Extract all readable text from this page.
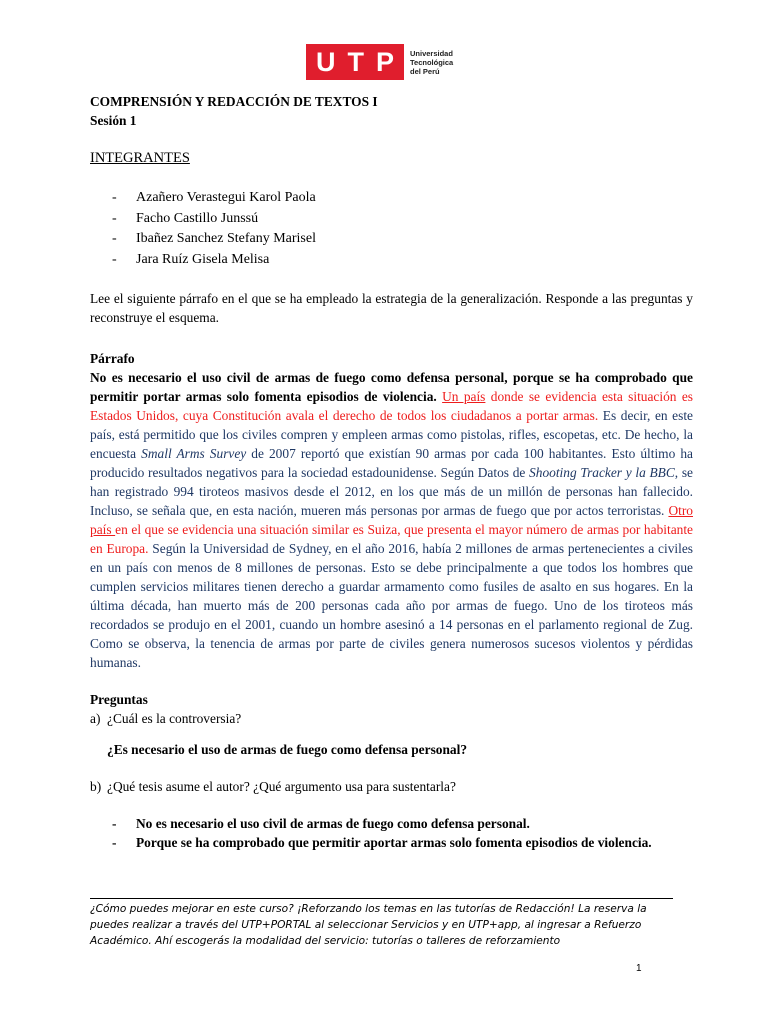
U T P Universidad
Tecnológica
del Perú

COMPRENSIÓN Y REDACCIÓN DE TEXTOS I

Sesión 1

INTEGRANTES
-	Azañero Verastegui Karol Paola
-	Facho Castillo Junssú
-	Ibañez Sanchez Stefany Marisel
-	Jara Ruíz Gisela Melisa
Lee el siguiente párrafo en el que se ha empleado la estrategia de la generalización. Responde a las preguntas y reconstruye el esquema.
Párrafo
No es necesario el uso civil de armas de fuego como defensa personal, porque se ha comprobado que permitir portar armas solo fomenta episodios de violencia. Un país donde se evidencia esta situación es Estados Unidos, cuya Constitución avala el derecho de todos los ciudadanos a portar armas. Es decir, en este país, está permitido que los civiles compren y empleen armas como pistolas, rifles, escopetas, etc. De hecho, la encuesta Small Arms Survey de 2007 reportó que existían 90 armas por cada 100 habitantes. Esto último ha producido resultados negativos para la sociedad estadounidense. Según Datos de Shooting Tracker y la BBC, se han registrado 994 tiroteos masivos desde el 2012, en los que más de un millón de personas han fallecido. Incluso, se señala que, en esta nación, mueren más personas por armas de fuego que por actos terroristas. Otro país en el que se evidencia una situación similar es Suiza, que presenta el mayor número de armas por habitante en Europa. Según la Universidad de Sydney, en el año 2016, había 2 millones de armas pertenecientes a civiles en un país con menos de 8 millones de personas. Esto se debe principalmente a que todos los hombres que cumplen servicios militares tienen derecho a guardar armamento como fusiles de asalto en sus hogares. En la última década, han muerto más de 200 personas cada año por armas de fuego. Uno de los tiroteos más recordados se produjo en el 2001, cuando un hombre asesinó a 14 personas en el parlamento regional de Zug. Como se observa, la tenencia de armas por parte de civiles genera numerosos sucesos violentos y pérdidas humanas.
Preguntas
a) ¿Cuál es la controversia?
¿Es necesario el uso de armas de fuego como defensa personal?
b) ¿Qué tesis asume el autor? ¿Qué argumento usa para sustentarla?
-	No es necesario el uso civil de armas de fuego como defensa personal.
-	Porque se ha comprobado que permitir aportar armas solo fomenta episodios de violencia.
¿Cómo puedes mejorar en este curso? ¡Reforzando los temas en las tutorías de Redacción! La reserva la puedes realizar a través del UTP+PORTAL al seleccionar Servicios y en UTP+app, al ingresar a Refuerzo Académico. Ahí escogerás la modalidad del servicio: tutorías o talleres de reforzamiento
1
